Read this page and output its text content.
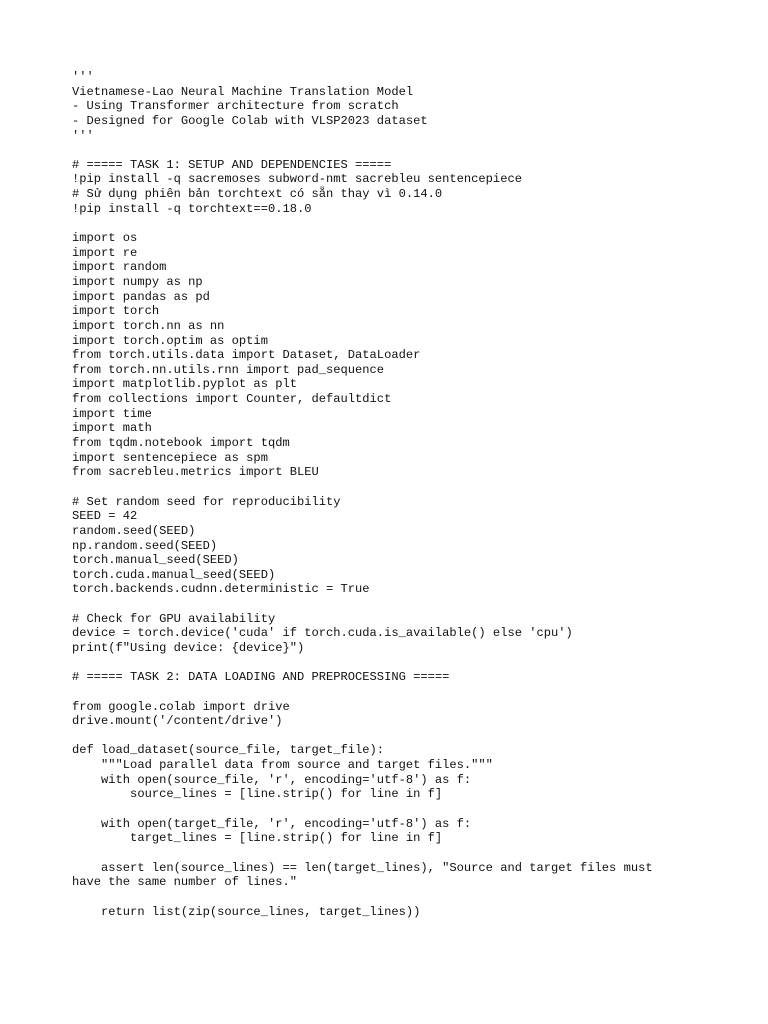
'''
Vietnamese-Lao Neural Machine Translation Model
- Using Transformer architecture from scratch
- Designed for Google Colab with VLSP2023 dataset
'''
# ===== TASK 1: SETUP AND DEPENDENCIES =====
!pip install -q sacremoses subword-nmt sacrebleu sentencepiece
# Sử dụng phiên bản torchtext có sẵn thay vì 0.14.0
!pip install -q torchtext==0.18.0
import os
import re
import random
import numpy as np
import pandas as pd
import torch
import torch.nn as nn
import torch.optim as optim
from torch.utils.data import Dataset, DataLoader
from torch.nn.utils.rnn import pad_sequence
import matplotlib.pyplot as plt
from collections import Counter, defaultdict
import time
import math
from tqdm.notebook import tqdm
import sentencepiece as spm
from sacrebleu.metrics import BLEU
# Set random seed for reproducibility
SEED = 42
random.seed(SEED)
np.random.seed(SEED)
torch.manual_seed(SEED)
torch.cuda.manual_seed(SEED)
torch.backends.cudnn.deterministic = True
# Check for GPU availability
device = torch.device('cuda' if torch.cuda.is_available() else 'cpu')
print(f"Using device: {device}")
# ===== TASK 2: DATA LOADING AND PREPROCESSING =====
from google.colab import drive
drive.mount('/content/drive')
def load_dataset(source_file, target_file):
"""Load parallel data from source and target files."""
with open(source_file, 'r', encoding='utf-8') as f:
source_lines = [line.strip() for line in f]
with open(target_file, 'r', encoding='utf-8') as f:
target_lines = [line.strip() for line in f]
assert len(source_lines) == len(target_lines), "Source and target files must
have the same number of lines."
return list(zip(source_lines, target_lines))
